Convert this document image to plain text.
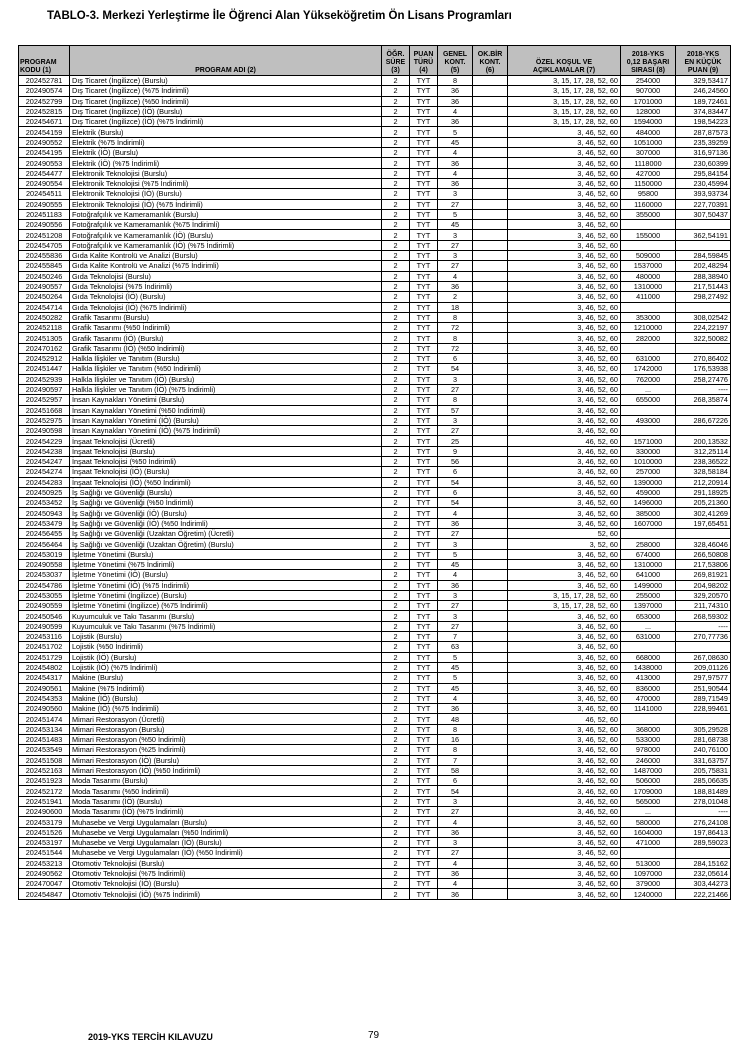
TABLO-3. Merkezi Yerleştirme İle Öğrenci Alan Yükseköğretim Ön Lisans Programları
PROGRAM
KODU (1)	PROGRAM ADI (2)	ÖĞR.
SÜRE
(3)	PUAN
TÜRÜ
(4)	GENEL
KONT.
(5)	OK.BİR
KONT.
(6)	ÖZEL KOŞUL VE
AÇIKLAMALAR (7)	2018-YKS
0,12 BAŞARI
SIRASI (8)	2018-YKS
EN KÜÇÜK
PUAN (9)
202452781	Dış Ticaret (İngilizce) (Burslu)	2	TYT	8		3, 15, 17, 28, 52, 60	254000	329,53417
202490574	Dış Ticaret (İngilizce) (%75 İndirimli)	2	TYT	36		3, 15, 17, 28, 52, 60	907000	246,24560
202452799	Dış Ticaret (İngilizce) (%50 İndirimli)	2	TYT	36		3, 15, 17, 28, 52, 60	1701000	189,72461
202452815	Dış Ticaret (İngilizce) (İÖ) (Burslu)	2	TYT	4		3, 15, 17, 28, 52, 60	128000	374,83447
202454671	Dış Ticaret (İngilizce) (İÖ) (%75 İndirimli)	2	TYT	36		3, 15, 17, 28, 52, 60	1594000	198,54223
202454159	Elektrik (Burslu)	2	TYT	5		3, 46, 52, 60	484000	287,87573
202490552	Elektrik (%75 İndirimli)	2	TYT	45		3, 46, 52, 60	1051000	235,39259
202454195	Elektrik (İÖ) (Burslu)	2	TYT	4		3, 46, 52, 60	307000	316,97136
202490553	Elektrik (İÖ) (%75 İndirimli)	2	TYT	36		3, 46, 52, 60	1118000	230,60399
202454477	Elektronik Teknolojisi (Burslu)	2	TYT	4		3, 46, 52, 60	427000	295,84154
202490554	Elektronik Teknolojisi (%75 İndirimli)	2	TYT	36		3, 46, 52, 60	1150000	230,45994
202454511	Elektronik Teknolojisi (İÖ) (Burslu)	2	TYT	3		3, 46, 52, 60	95800	393,93734
202490555	Elektronik Teknolojisi (İÖ) (%75 İndirimli)	2	TYT	27		3, 46, 52, 60	1160000	227,70391
202451183	Fotoğrafçılık ve Kameramanlık (Burslu)	2	TYT	5		3, 46, 52, 60	355000	307,50437
202490556	Fotoğrafçılık ve Kameramanlık (%75 İndirimli)	2	TYT	45		3, 46, 52, 60		
202451208	Fotoğrafçılık ve Kameramanlık (İÖ) (Burslu)	2	TYT	3		3, 46, 52, 60	155000	362,54191
202454705	Fotoğrafçılık ve Kameramanlık (İÖ) (%75 İndirimli)	2	TYT	27		3, 46, 52, 60		
202455836	Gıda Kalite Kontrolü ve Analizi (Burslu)	2	TYT	3		3, 46, 52, 60	509000	284,59845
202455845	Gıda Kalite Kontrolü ve Analizi (%75 İndirimli)	2	TYT	27		3, 46, 52, 60	1537000	202,48294
202450246	Gıda Teknolojisi (Burslu)	2	TYT	4		3, 46, 52, 60	480000	288,38940
202490557	Gıda Teknolojisi (%75 İndirimli)	2	TYT	36		3, 46, 52, 60	1310000	217,51443
202450264	Gıda Teknolojisi (İÖ) (Burslu)	2	TYT	2		3, 46, 52, 60	411000	298,27492
202454714	Gıda Teknolojisi (İÖ) (%75 İndirimli)	2	TYT	18		3, 46, 52, 60		
202450282	Grafik Tasarımı (Burslu)	2	TYT	8		3, 46, 52, 60	353000	308,02542
202452118	Grafik Tasarımı (%50 İndirimli)	2	TYT	72		3, 46, 52, 60	1210000	224,22197
202451305	Grafik Tasarımı (İÖ) (Burslu)	2	TYT	8		3, 46, 52, 60	282000	322,50082
202470162	Grafik Tasarımı (İÖ) (%50 İndirimli)	2	TYT	72		3, 46, 52, 60		
202452912	Halkla İlişkiler ve Tanıtım (Burslu)	2	TYT	6		3, 46, 52, 60	631000	270,86402
202451447	Halkla İlişkiler ve Tanıtım (%50 İndirimli)	2	TYT	54		3, 46, 52, 60	1742000	176,53938
202452939	Halkla İlişkiler ve Tanıtım (İÖ) (Burslu)	2	TYT	3		3, 46, 52, 60	762000	258,27476
202490597	Halkla İlişkiler ve Tanıtım (İÖ) (%75 İndirimli)	2	TYT	27		3, 46, 52, 60	...	----
202452957	İnsan Kaynakları Yönetimi (Burslu)	2	TYT	8		3, 46, 52, 60	655000	268,35874
202451668	İnsan Kaynakları Yönetimi (%50 İndirimli)	2	TYT	57		3, 46, 52, 60		
202452975	İnsan Kaynakları Yönetimi (İÖ) (Burslu)	2	TYT	3		3, 46, 52, 60	493000	286,67226
202490598	İnsan Kaynakları Yönetimi (İÖ) (%75 İndirimli)	2	TYT	27		3, 46, 52, 60		
202454229	İnşaat Teknolojisi (Ücretli)	2	TYT	25		46, 52, 60	1571000	200,13532
202454238	İnşaat Teknolojisi (Burslu)	2	TYT	9		3, 46, 52, 60	330000	312,25114
202454247	İnşaat Teknolojisi (%50 İndirimli)	2	TYT	56		3, 46, 52, 60	1010000	238,36522
202454274	İnşaat Teknolojisi (İÖ) (Burslu)	2	TYT	6		3, 46, 52, 60	257000	328,58184
202454283	İnşaat Teknolojisi (İÖ) (%50 İndirimli)	2	TYT	54		3, 46, 52, 60	1390000	212,20914
202450925	İş Sağlığı ve Güvenliği (Burslu)	2	TYT	6		3, 46, 52, 60	459000	291,18925
202453452	İş Sağlığı ve Güvenliği (%50 İndirimli)	2	TYT	54		3, 46, 52, 60	1496000	205,21360
202450943	İş Sağlığı ve Güvenliği (İÖ) (Burslu)	2	TYT	4		3, 46, 52, 60	385000	302,41269
202453479	İş Sağlığı ve Güvenliği (İÖ) (%50 İndirimli)	2	TYT	36		3, 46, 52, 60	1607000	197,65451
202456455	İş Sağlığı ve Güvenliği (Uzaktan Öğretim) (Ücretli)	2	TYT	27		52, 60		
202456464	İş Sağlığı ve Güvenliği (Uzaktan Öğretim) (Burslu)	2	TYT	3		3, 52, 60	258000	328,46046
202453019	İşletme Yönetimi (Burslu)	2	TYT	5		3, 46, 52, 60	674000	266,50808
202490558	İşletme Yönetimi (%75 İndirimli)	2	TYT	45		3, 46, 52, 60	1310000	217,53806
202453037	İşletme Yönetimi (İÖ) (Burslu)	2	TYT	4		3, 46, 52, 60	641000	269,81921
202454786	İşletme Yönetimi (İÖ) (%75 İndirimli)	2	TYT	36		3, 46, 52, 60	1499000	204,98202
202453055	İşletme Yönetimi (İngilizce) (Burslu)	2	TYT	3		3, 15, 17, 28, 52, 60	255000	329,20570
202490559	İşletme Yönetimi (İngilizce) (%75 İndirimli)	2	TYT	27		3, 15, 17, 28, 52, 60	1397000	211,74310
202450546	Kuyumculuk ve Takı Tasarımı (Burslu)	2	TYT	3		3, 46, 52, 60	653000	268,59302
202490599	Kuyumculuk ve Takı Tasarımı (%75 İndirimli)	2	TYT	27		3, 46, 52, 60	...	----
202453116	Lojistik (Burslu)	2	TYT	7		3, 46, 52, 60	631000	270,77736
202451702	Lojistik (%50 İndirimli)	2	TYT	63		3, 46, 52, 60		
202451729	Lojistik (İÖ) (Burslu)	2	TYT	5		3, 46, 52, 60	668000	267,08630
202454802	Lojistik (İÖ) (%75 İndirimli)	2	TYT	45		3, 46, 52, 60	1438000	209,01126
202454317	Makine (Burslu)	2	TYT	5		3, 46, 52, 60	413000	297,97577
202490561	Makine (%75 İndirimli)	2	TYT	45		3, 46, 52, 60	836000	251,90544
202454353	Makine (İÖ) (Burslu)	2	TYT	4		3, 46, 52, 60	470000	289,71549
202490560	Makine (İÖ) (%75 İndirimli)	2	TYT	36		3, 46, 52, 60	1141000	228,99461
202451474	Mimari Restorasyon (Ücretli)	2	TYT	48		46, 52, 60		
202453134	Mimari Restorasyon (Burslu)	2	TYT	8		3, 46, 52, 60	368000	305,29528
202451483	Mimari Restorasyon (%50 İndirimli)	2	TYT	16		3, 46, 52, 60	533000	281,68738
202453549	Mimari Restorasyon (%25 İndirimli)	2	TYT	8		3, 46, 52, 60	978000	240,76100
202451508	Mimari Restorasyon (İÖ) (Burslu)	2	TYT	7		3, 46, 52, 60	246000	331,63757
202452163	Mimari Restorasyon (İÖ) (%50 İndirimli)	2	TYT	58		3, 46, 52, 60	1487000	205,75831
202451923	Moda Tasarımı (Burslu)	2	TYT	6		3, 46, 52, 60	506000	285,06635
202452172	Moda Tasarımı (%50 İndirimli)	2	TYT	54		3, 46, 52, 60	1709000	188,81489
202451941	Moda Tasarımı (İÖ) (Burslu)	2	TYT	3		3, 46, 52, 60	565000	278,01048
202490600	Moda Tasarımı (İÖ) (%75 İndirimli)	2	TYT	27		3, 46, 52, 60	...	----
202453179	Muhasebe ve Vergi Uygulamaları (Burslu)	2	TYT	4		3, 46, 52, 60	580000	276,24108
202451526	Muhasebe ve Vergi Uygulamaları (%50 İndirimli)	2	TYT	36		3, 46, 52, 60	1604000	197,86413
202453197	Muhasebe ve Vergi Uygulamaları (İÖ) (Burslu)	2	TYT	3		3, 46, 52, 60	471000	289,59023
202451544	Muhasebe ve Vergi Uygulamaları (İÖ) (%50 İndirimli)	2	TYT	27		3, 46, 52, 60		
202453213	Otomotiv Teknolojisi (Burslu)	2	TYT	4		3, 46, 52, 60	513000	284,15162
202490562	Otomotiv Teknolojisi (%75 İndirimli)	2	TYT	36		3, 46, 52, 60	1097000	232,05614
202470047	Otomotiv Teknolojisi (İÖ) (Burslu)	2	TYT	4		3, 46, 52, 60	379000	303,44273
202454847	Otomotiv Teknolojisi (İÖ) (%75 İndirimli)	2	TYT	36		3, 46, 52, 60	1240000	222,21466
2019-YKS TERCİH KILAVUZU	79
